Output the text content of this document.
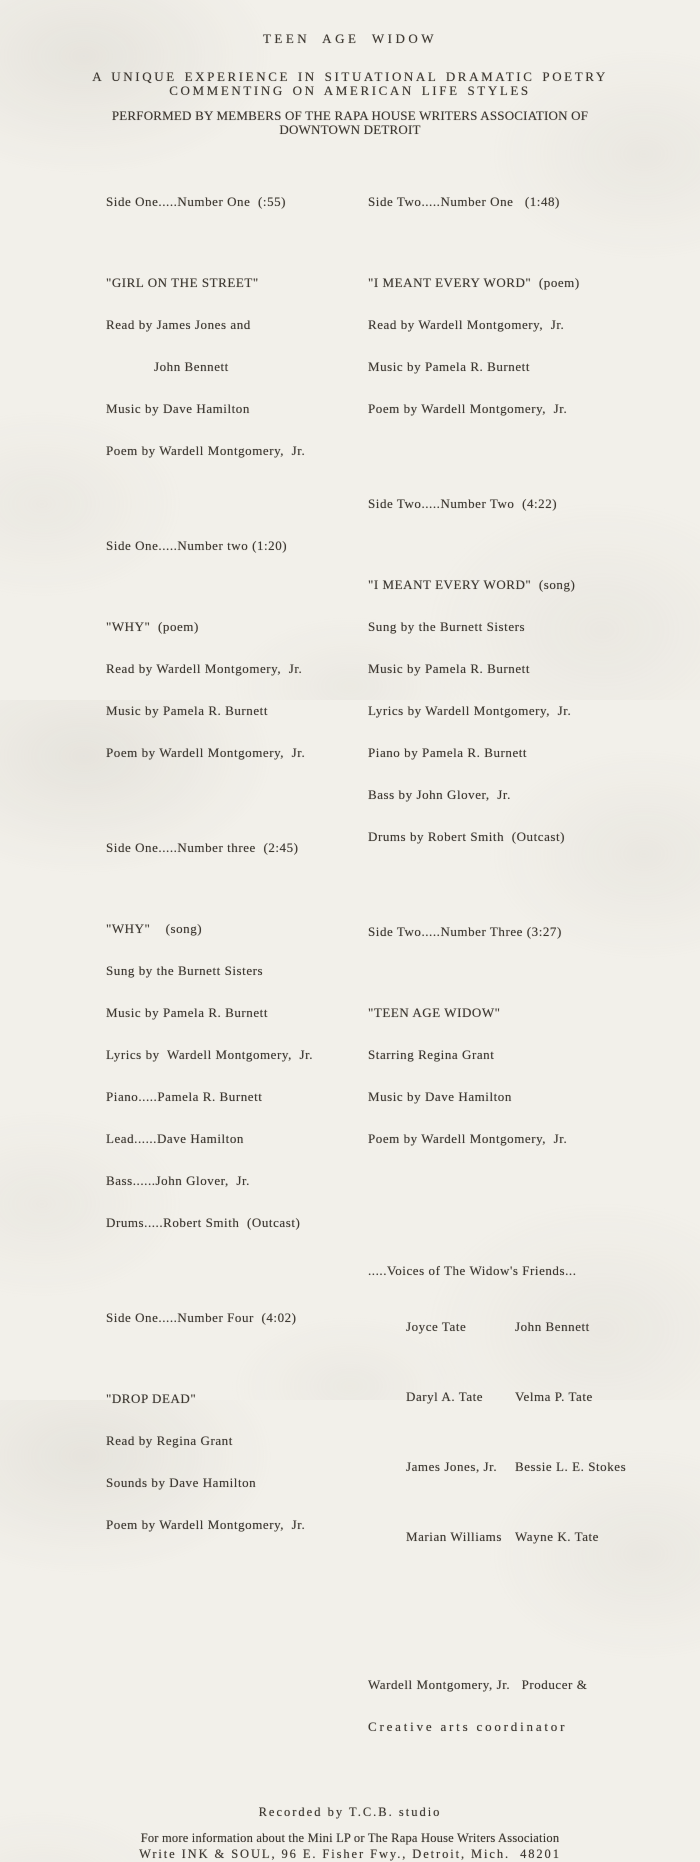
TEEN AGE WIDOW
A UNIQUE EXPERIENCE IN SITUATIONAL DRAMATIC POETRY
COMMENTING ON AMERICAN LIFE STYLES
PERFORMED BY MEMBERS OF THE RAPA HOUSE WRITERS ASSOCIATION OF
DOWNTOWN DETROIT

Side One.....Number One  (:55)

"GIRL ON THE STREET"

Read by James Jones and

John Bennett

Music by Dave Hamilton

Poem by Wardell Montgomery,  Jr.

Side One.....Number two (1:20)

"WHY"  (poem)

Read by Wardell Montgomery,  Jr.

Music by Pamela R. Burnett

Poem by Wardell Montgomery,  Jr.

Side One.....Number three  (2:45)

"WHY"    (song)

Sung by the Burnett Sisters

Music by Pamela R. Burnett

Lyrics by  Wardell Montgomery,  Jr.

Piano.....Pamela R. Burnett

Lead......Dave Hamilton

Bass......John Glover,  Jr.

Drums.....Robert Smith  (Outcast)

Side One.....Number Four  (4:02)

"DROP DEAD"

Read by Regina Grant

Sounds by Dave Hamilton

Poem by Wardell Montgomery,  Jr.

Side Two.....Number One   (1:48)

"I MEANT EVERY WORD"  (poem)

Read by Wardell Montgomery,  Jr.

Music by Pamela R. Burnett

Poem by Wardell Montgomery,  Jr.

Side Two.....Number Two  (4:22)

"I MEANT EVERY WORD"  (song)

Sung by the Burnett Sisters

Music by Pamela R. Burnett

Lyrics by Wardell Montgomery,  Jr.

Piano by Pamela R. Burnett

Bass by John Glover,  Jr.

Drums by Robert Smith  (Outcast)

Side Two.....Number Three (3:27)

"TEEN AGE WIDOW"

Starring Regina Grant

Music by Dave Hamilton

Poem by Wardell Montgomery,  Jr.

.....Voices of The Widow's Friends...

Joyce Tate	John Bennett

Daryl A. Tate Velma P. Tate

James Jones, Jr. Bessie L. E. Stokes

Marian Williams Wayne K. Tate

Wardell Montgomery, Jr.   Producer &

Creative arts coordinator

Recorded by T.C.B. studio
For more information about the Mini LP or The Rapa House Writers Association
Write INK & SOUL, 96 E. Fisher Fwy., Detroit, Mich.  48201
